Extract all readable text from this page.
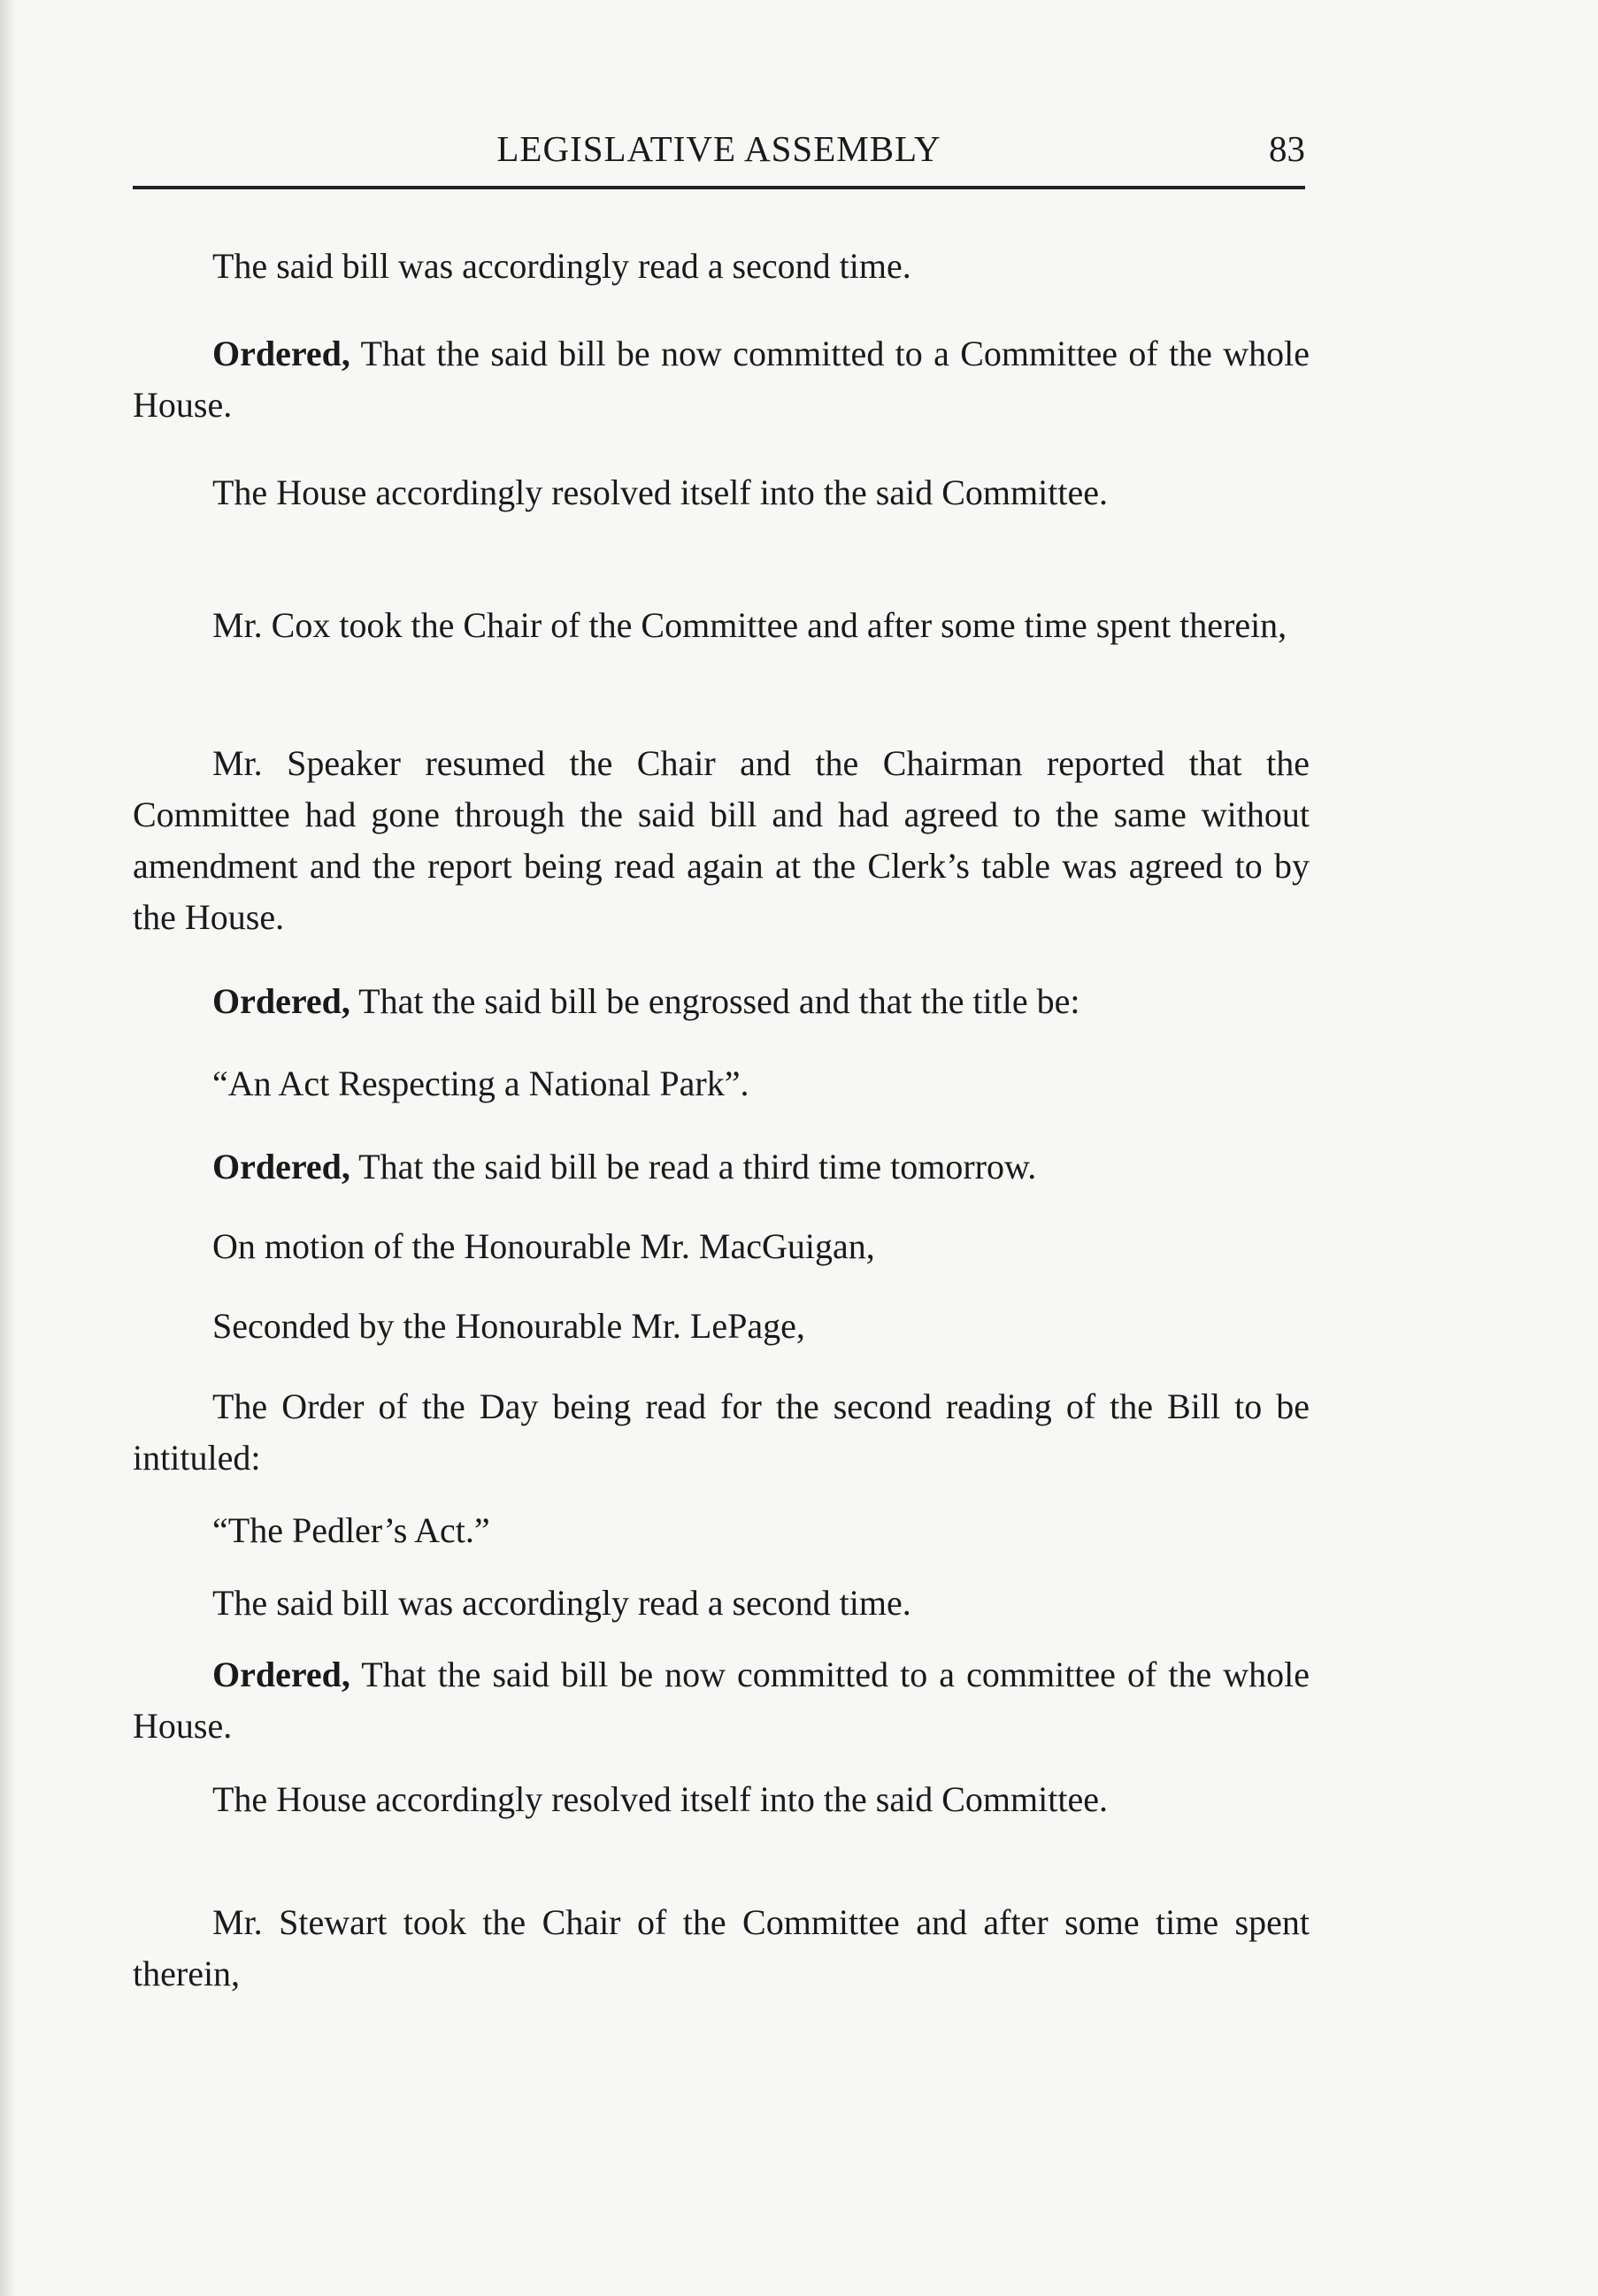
LEGISLATIVE ASSEMBLY	83

The said bill was accordingly read a second time.

Ordered, That the said bill be now committed to a Committee of the whole House.

The House accordingly resolved itself into the said Committee.

Mr. Cox took the Chair of the Committee and after some time spent therein,

Mr. Speaker resumed the Chair and the Chairman reported that the Committee had gone through the said bill and had agreed to the same without amendment and the report being read again at the Clerk’s table was agreed to by the House.

Ordered, That the said bill be engrossed and that the title be:

“An Act Respecting a National Park”.

Ordered, That the said bill be read a third time tomorrow.

On motion of the Honourable Mr. MacGuigan,

Seconded by the Honourable Mr. LePage,

The Order of the Day being read for the second reading of the Bill to be intituled:

“The Pedler’s Act.”

The said bill was accordingly read a second time.

Ordered, That the said bill be now committed to a committee of the whole House.

The House accordingly resolved itself into the said Committee.

Mr. Stewart took the Chair of the Committee and after some time spent therein,
